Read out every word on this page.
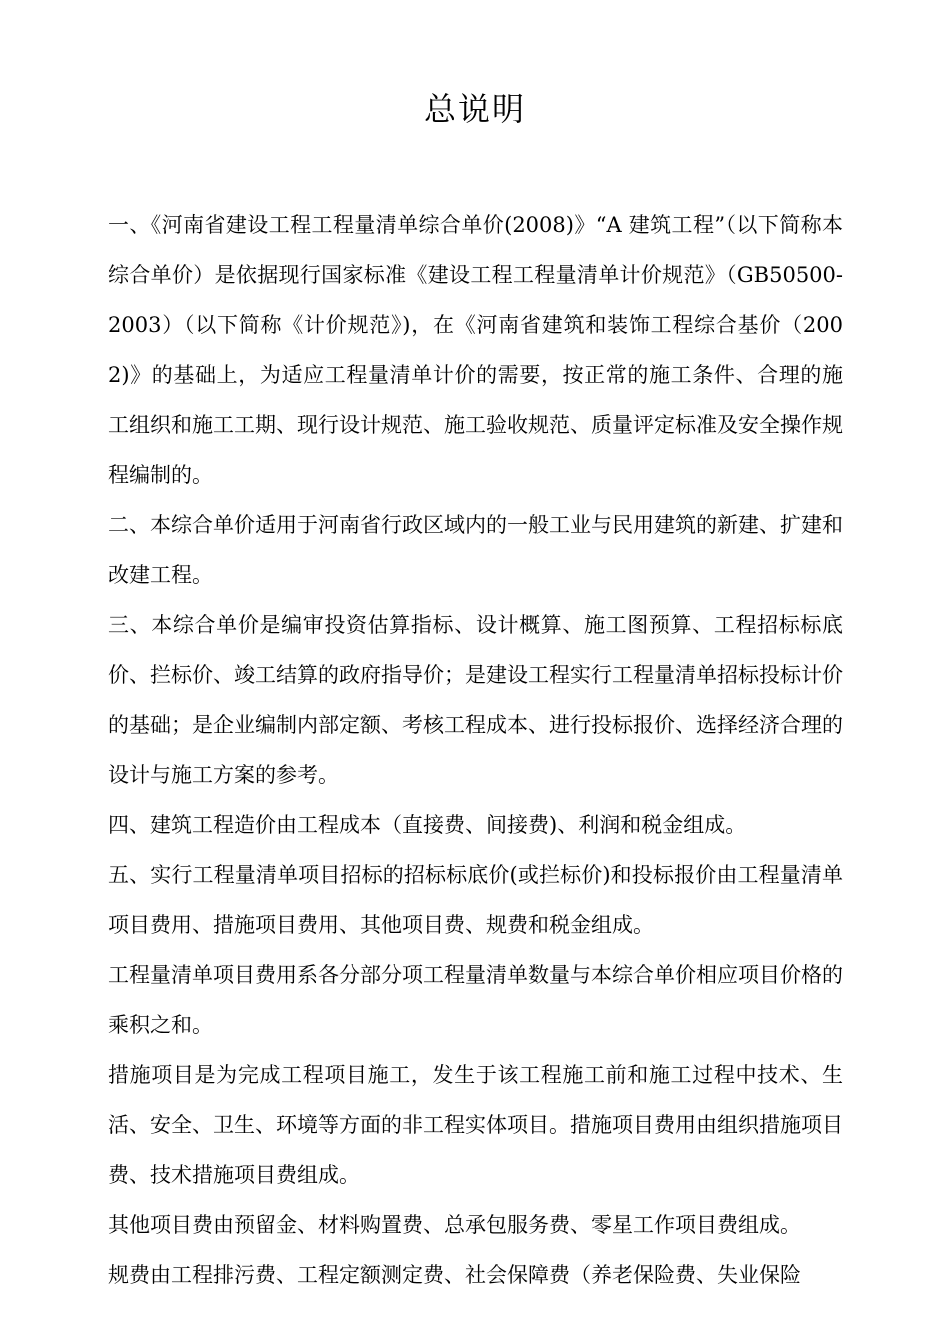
总说明

一、《河南省建设工程工程量清单综合单价(2008)》“A 建筑工程”（以下简称本综合单价）是依据现行国家标准《建设工程工程量清单计价规范》（GB50500-2003）（以下简称《计价规范》)，在《河南省建筑和装饰工程综合基价（2002)》的基础上，为适应工程量清单计价的需要，按正常的施工条件、合理的施工组织和施工工期、现行设计规范、施工验收规范、质量评定标准及安全操作规程编制的。

二、本综合单价适用于河南省行政区域内的一般工业与民用建筑的新建、扩建和改建工程。

三、本综合单价是编审投资估算指标、设计概算、施工图预算、工程招标标底价、拦标价、竣工结算的政府指导价；是建设工程实行工程量清单招标投标计价的基础；是企业编制内部定额、考核工程成本、进行投标报价、选择经济合理的设计与施工方案的参考。

四、建筑工程造价由工程成本（直接费、间接费)、利润和税金组成。

五、实行工程量清单项目招标的招标标底价(或拦标价)和投标报价由工程量清单项目费用、措施项目费用、其他项目费、规费和税金组成。

工程量清单项目费用系各分部分项工程量清单数量与本综合单价相应项目价格的乘积之和。

措施项目是为完成工程项目施工，发生于该工程施工前和施工过程中技术、生活、安全、卫生、环境等方面的非工程实体项目。措施项目费用由组织措施项目费、技术措施项目费组成。

其他项目费由预留金、材料购置费、总承包服务费、零星工作项目费组成。

规费由工程排污费、工程定额测定费、社会保障费（养老保险费、失业保险
